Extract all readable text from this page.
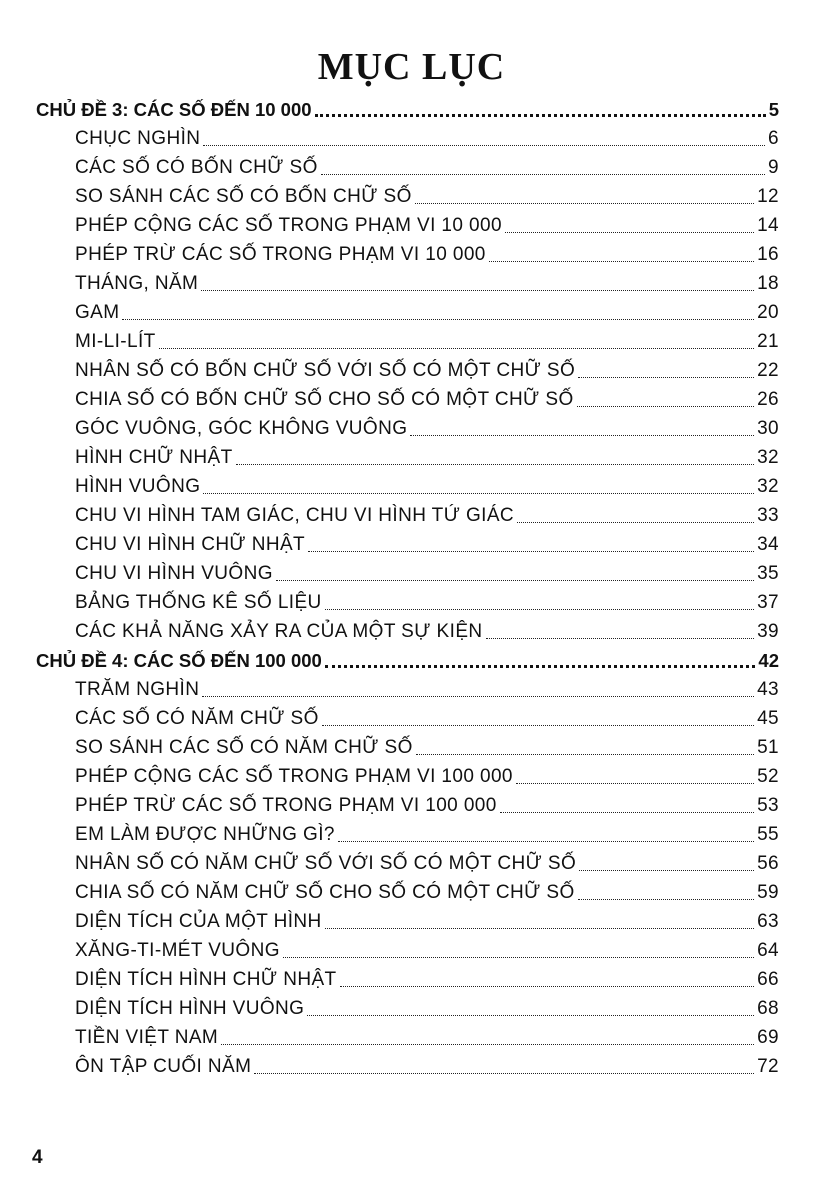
MỤC LỤC
CHỦ ĐỀ 3: CÁC SỐ ĐẾN 10 000	5
CHỤC NGHÌN	6
CÁC SỐ CÓ BỐN CHỮ SỐ	9
SO SÁNH CÁC SỐ CÓ BỐN CHỮ SỐ	12
PHÉP CỘNG CÁC SỐ TRONG PHẠM VI 10 000	14
PHÉP TRỪ CÁC SỐ TRONG PHẠM VI 10 000	16
THÁNG, NĂM	18
GAM	20
MI-LI-LÍT	21
NHÂN SỐ CÓ BỐN CHỮ SỐ VỚI SỐ CÓ MỘT CHỮ SỐ	22
CHIA SỐ CÓ BỐN CHỮ SỐ CHO SỐ CÓ MỘT CHỮ SỐ	26
GÓC VUÔNG, GÓC KHÔNG VUÔNG	30
HÌNH CHỮ NHẬT	32
HÌNH VUÔNG	32
CHU VI HÌNH TAM GIÁC, CHU VI HÌNH TỨ GIÁC	33
CHU VI HÌNH CHỮ NHẬT	34
CHU VI HÌNH VUÔNG	35
BẢNG THỐNG KÊ SỐ LIỆU	37
CÁC KHẢ NĂNG XẢY RA CỦA MỘT SỰ KIỆN	39
CHỦ ĐỀ 4: CÁC SỐ ĐẾN 100 000	42
TRĂM NGHÌN	43
CÁC SỐ CÓ NĂM CHỮ SỐ	45
SO SÁNH CÁC SỐ CÓ NĂM CHỮ SỐ	51
PHÉP CỘNG CÁC SỐ TRONG PHẠM VI 100 000	52
PHÉP TRỪ CÁC SỐ TRONG PHẠM VI 100 000	53
EM LÀM ĐƯỢC NHỮNG GÌ?	55
NHÂN SỐ CÓ NĂM CHỮ SỐ VỚI SỐ CÓ MỘT CHỮ SỐ	56
CHIA SỐ CÓ NĂM CHỮ SỐ CHO SỐ CÓ MỘT CHỮ SỐ	59
DIỆN TÍCH CỦA MỘT HÌNH	63
XĂNG-TI-MÉT VUÔNG	64
DIỆN TÍCH HÌNH CHỮ NHẬT	66
DIỆN TÍCH HÌNH VUÔNG	68
TIỀN VIỆT NAM	69
ÔN TẬP CUỐI NĂM	72
4
